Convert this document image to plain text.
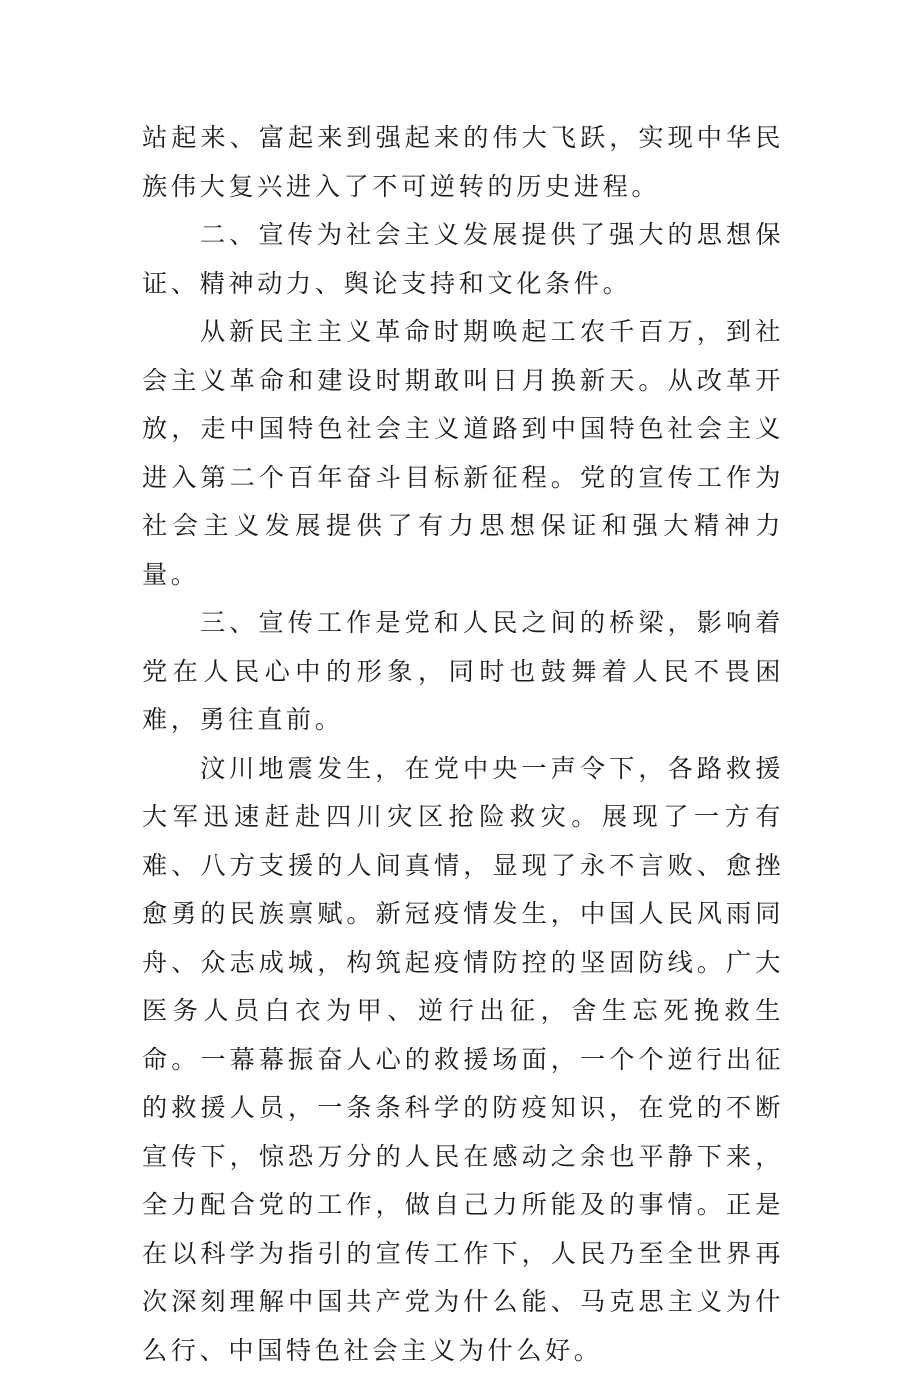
站起来、富起来到强起来的伟大飞跃，实现中华民族伟大复兴进入了不可逆转的历史进程。

二、宣传为社会主义发展提供了强大的思想保证、精神动力、舆论支持和文化条件。

从新民主主义革命时期唤起工农千百万，到社会主义革命和建设时期敢叫日月换新天。从改革开放，走中国特色社会主义道路到中国特色社会主义进入第二个百年奋斗目标新征程。党的宣传工作为社会主义发展提供了有力思想保证和强大精神力量。

三、宣传工作是党和人民之间的桥梁，影响着党在人民心中的形象，同时也鼓舞着人民不畏困难，勇往直前。

汶川地震发生，在党中央一声令下，各路救援大军迅速赶赴四川灾区抢险救灾。展现了一方有难、八方支援的人间真情，显现了永不言败、愈挫愈勇的民族禀赋。新冠疫情发生，中国人民风雨同舟、众志成城，构筑起疫情防控的坚固防线。广大医务人员白衣为甲、逆行出征，舍生忘死挽救生命。一幕幕振奋人心的救援场面，一个个逆行出征的救援人员，一条条科学的防疫知识，在党的不断宣传下，惊恐万分的人民在感动之余也平静下来，全力配合党的工作，做自己力所能及的事情。正是在以科学为指引的宣传工作下，人民乃至全世界再次深刻理解中国共产党为什么能、马克思主义为什么行、中国特色社会主义为什么好。
